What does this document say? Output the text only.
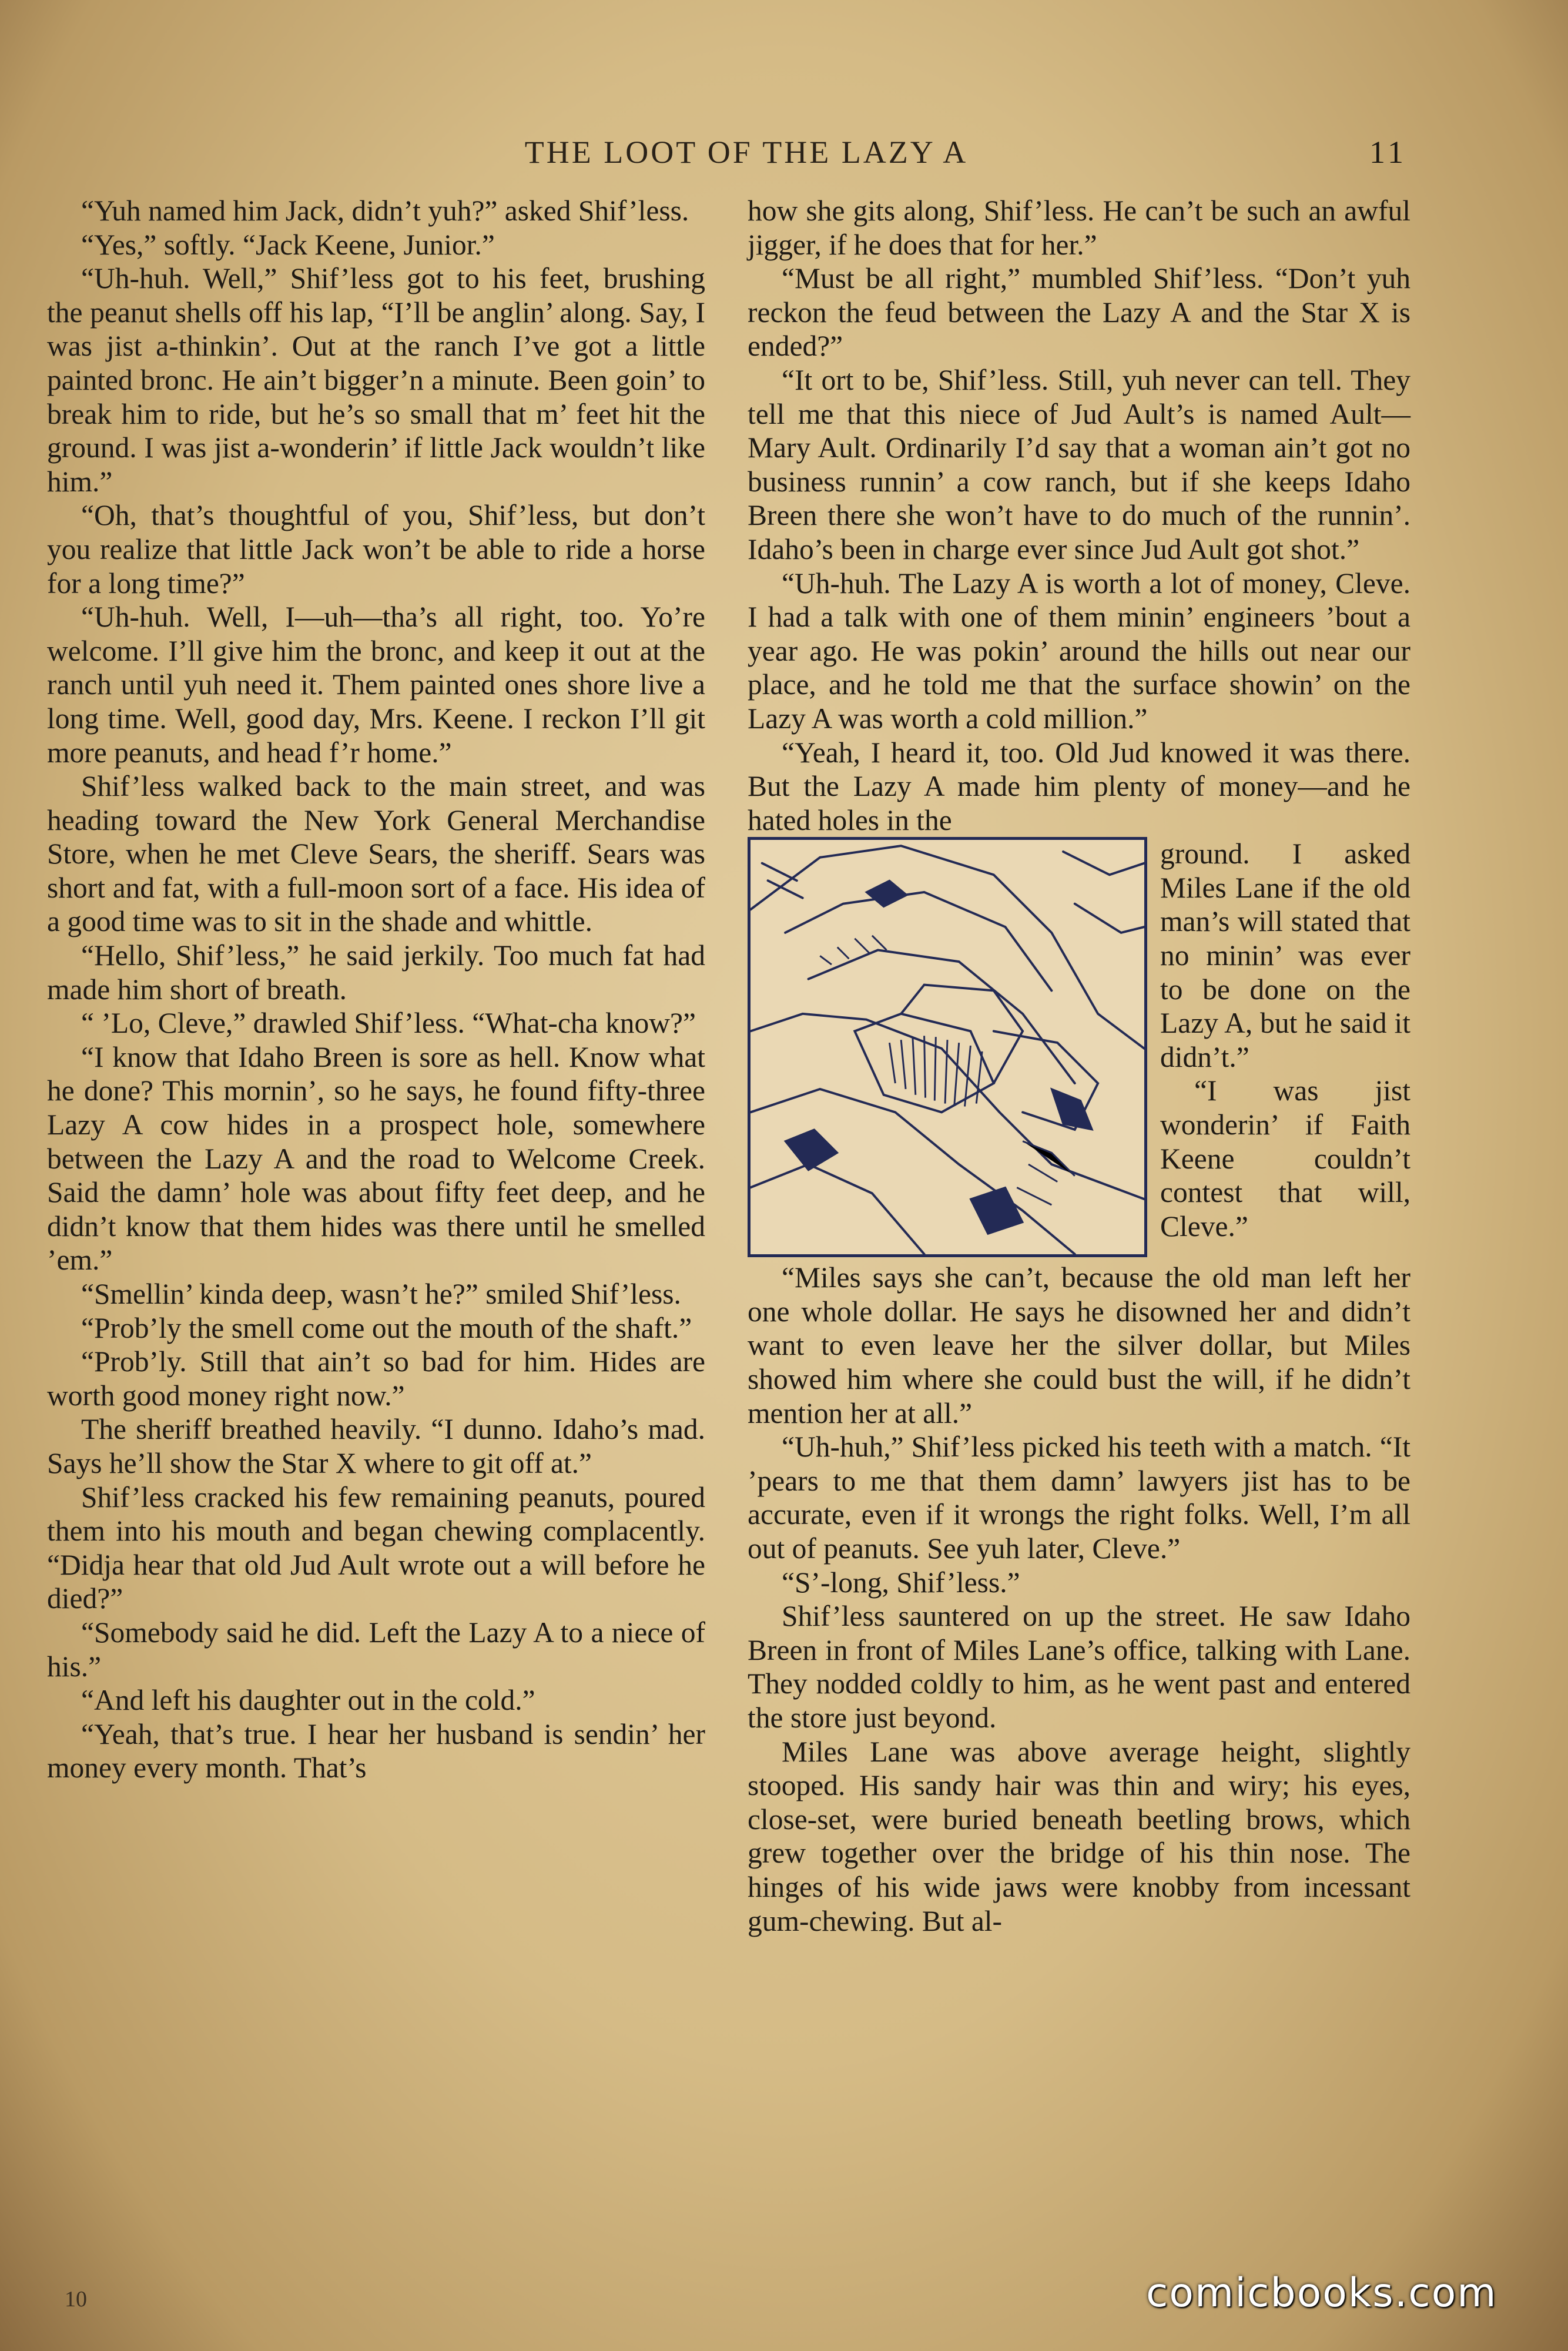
THE LOOT OF THE LAZY A	11

“Yuh named him Jack, didn’t yuh?” asked Shif’less.

“Yes,” softly. “Jack Keene, Junior.”

“Uh-huh. Well,” Shif’less got to his feet, brushing the peanut shells off his lap, “I’ll be anglin’ along. Say, I was jist a-thinkin’. Out at the ranch I’ve got a little painted bronc. He ain’t bigger’n a minute. Been goin’ to break him to ride, but he’s so small that m’ feet hit the ground. I was jist a-wonderin’ if little Jack wouldn’t like him.”

“Oh, that’s thoughtful of you, Shif’less, but don’t you realize that little Jack won’t be able to ride a horse for a long time?”

“Uh-huh. Well, I—uh—tha’s all right, too. Yo’re welcome. I’ll give him the bronc, and keep it out at the ranch until yuh need it. Them painted ones shore live a long time. Well, good day, Mrs. Keene. I reckon I’ll git more peanuts, and head f’r home.”

Shif’less walked back to the main street, and was heading toward the New York General Merchandise Store, when he met Cleve Sears, the sheriff. Sears was short and fat, with a full-moon sort of a face. His idea of a good time was to sit in the shade and whittle.

“Hello, Shif’less,” he said jerkily. Too much fat had made him short of breath.

“ ’Lo, Cleve,” drawled Shif’less. “What-cha know?”

“I know that Idaho Breen is sore as hell. Know what he done? This mornin’, so he says, he found fifty-three Lazy A cow hides in a prospect hole, somewhere between the Lazy A and the road to Welcome Creek. Said the damn’ hole was about fifty feet deep, and he didn’t know that them hides was there until he smelled ’em.”

“Smellin’ kinda deep, wasn’t he?” smiled Shif’less.

“Prob’ly the smell come out the mouth of the shaft.”

“Prob’ly. Still that ain’t so bad for him. Hides are worth good money right now.”

The sheriff breathed heavily. “I dunno. Idaho’s mad. Says he’ll show the Star X where to git off at.”

Shif’less cracked his few remaining peanuts, poured them into his mouth and began chewing complacently. “Didja hear that old Jud Ault wrote out a will before he died?”

“Somebody said he did. Left the Lazy A to a niece of his.”

“And left his daughter out in the cold.”

“Yeah, that’s true. I hear her husband is sendin’ her money every month. That’s

how she gits along, Shif’less. He can’t be such an awful jigger, if he does that for her.”

“Must be all right,” mumbled Shif’less. “Don’t yuh reckon the feud between the Lazy A and the Star X is ended?”

“It ort to be, Shif’less. Still, yuh never can tell. They tell me that this niece of Jud Ault’s is named Ault—Mary Ault. Ordinarily I’d say that a woman ain’t got no business runnin’ a cow ranch, but if she keeps Idaho Breen there she won’t have to do much of the runnin’. Idaho’s been in charge ever since Jud Ault got shot.”

“Uh-huh. The Lazy A is worth a lot of money, Cleve. I had a talk with one of them minin’ engineers ’bout a year ago. He was pokin’ around the hills out near our place, and he told me that the surface showin’ on the Lazy A was worth a cold million.”

“Yeah, I heard it, too. Old Jud knowed it was there. But the Lazy A made him plenty of money—and he hated holes in the

ground. I asked Miles Lane if the old man’s will stated that no minin’ was ever to be done on the Lazy A, but he said it didn’t.”

“I was jist wonderin’ if Faith Keene couldn’t contest that will, Cleve.”

“Miles says she can’t, because the old man left her one whole dollar. He says he disowned her and didn’t want to even leave her the silver dollar, but Miles showed him where she could bust the will, if he didn’t mention her at all.”

“Uh-huh,” Shif’less picked his teeth with a match. “It ’pears to me that them damn’ lawyers jist has to be accurate, even if it wrongs the right folks. Well, I’m all out of peanuts. See yuh later, Cleve.”

“S’-long, Shif’less.”

Shif’less sauntered on up the street. He saw Idaho Breen in front of Miles Lane’s office, talking with Lane. They nodded coldly to him, as he went past and entered the store just beyond.

Miles Lane was above average height, slightly stooped. His sandy hair was thin and wiry; his eyes, close-set, were buried beneath beetling brows, which grew together over the bridge of his thin nose. The hinges of his wide jaws were knobby from incessant gum-chewing. But al-

10	comicbooks.com
